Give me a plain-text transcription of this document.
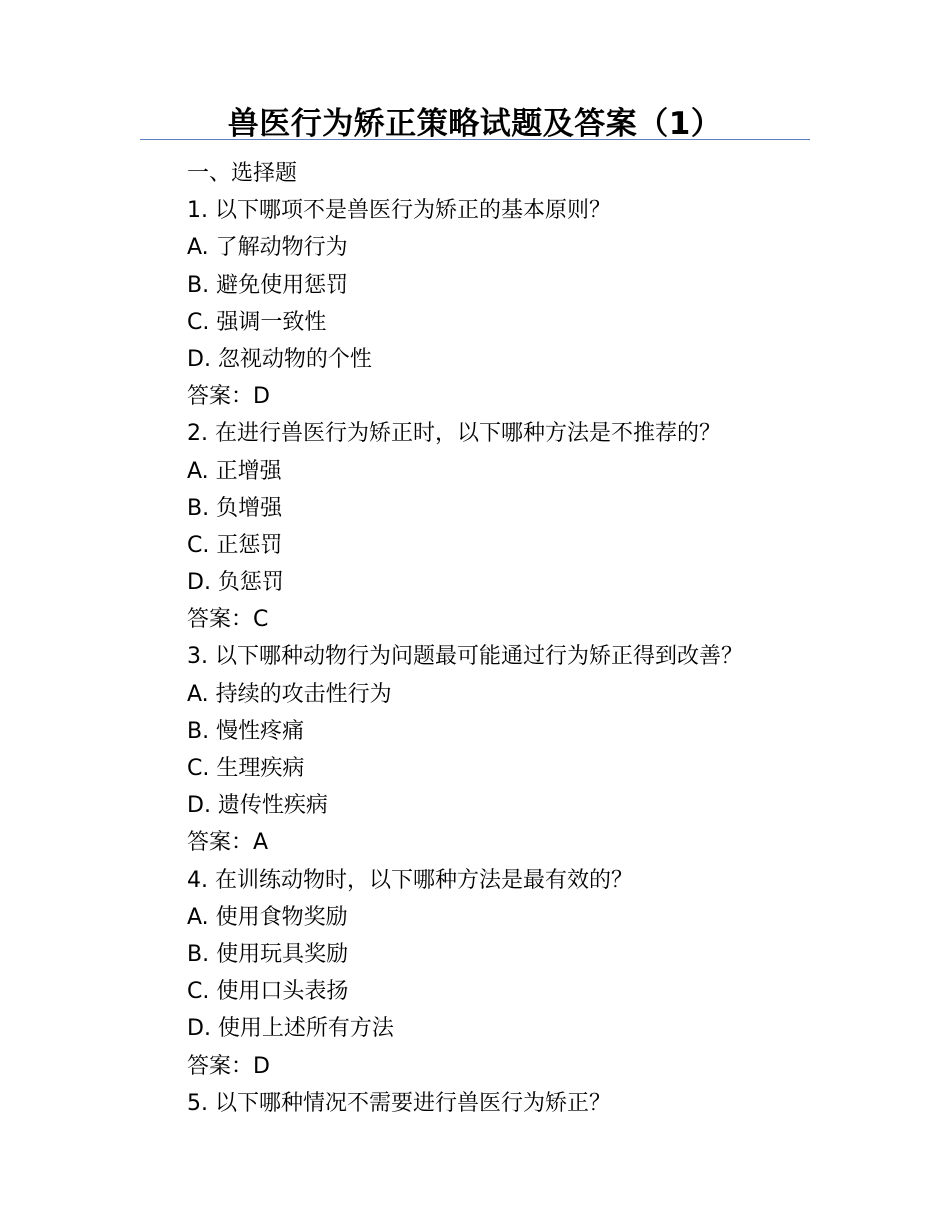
兽医行为矫正策略试题及答案（1）
一、选择题
1. 以下哪项不是兽医行为矫正的基本原则？
A. 了解动物行为
B. 避免使用惩罚
C. 强调一致性
D. 忽视动物的个性
答案：D
2. 在进行兽医行为矫正时，以下哪种方法是不推荐的？
A. 正增强
B. 负增强
C. 正惩罚
D. 负惩罚
答案：C
3. 以下哪种动物行为问题最可能通过行为矫正得到改善？
A. 持续的攻击性行为
B. 慢性疼痛
C. 生理疾病
D. 遗传性疾病
答案：A
4. 在训练动物时，以下哪种方法是最有效的？
A. 使用食物奖励
B. 使用玩具奖励
C. 使用口头表扬
D. 使用上述所有方法
答案：D
5. 以下哪种情况不需要进行兽医行为矫正？
